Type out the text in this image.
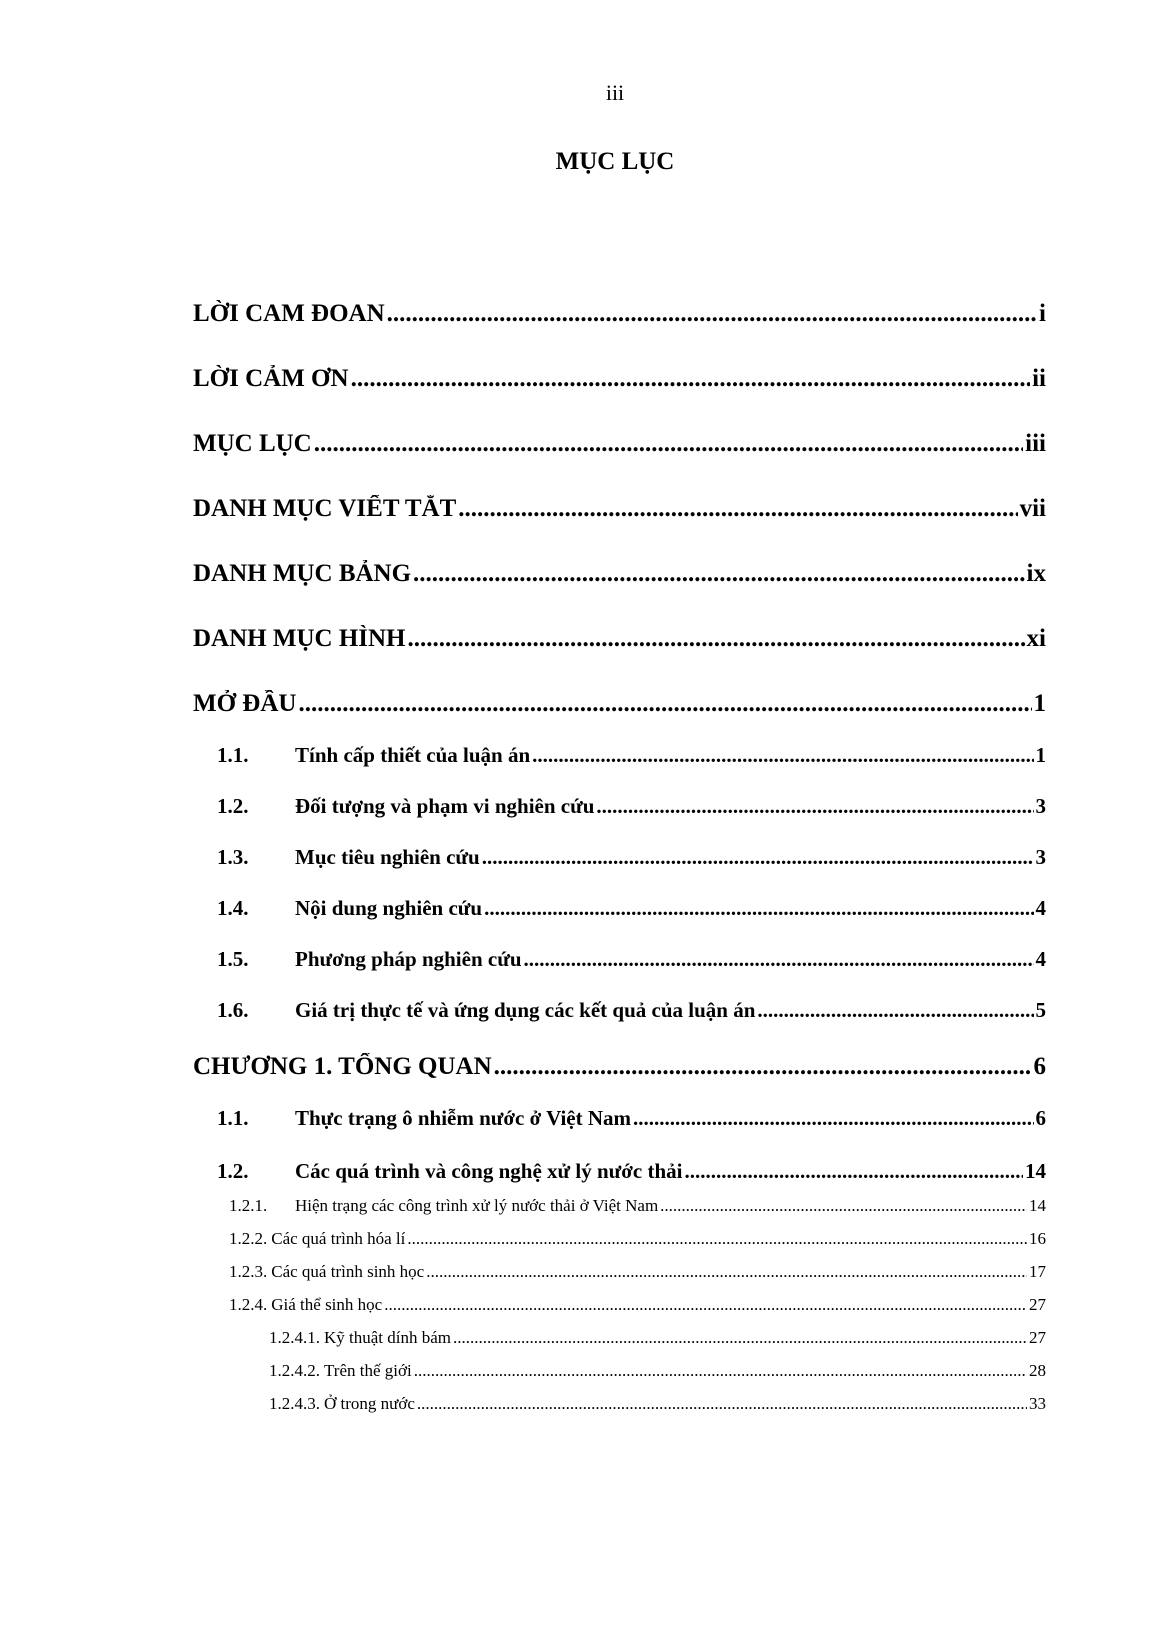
iii
MỤC LỤC
LỜI CAM ĐOAN .....	i
LỜI CẢM ƠN .....	ii
MỤC LỤC .....	iii
DANH MỤC VIẾT TẮT .....	vii
DANH MỤC BẢNG .....	ix
DANH MỤC HÌNH .....	xi
MỞ ĐẦU .....	1
1.1.	Tính cấp thiết của luận án .....	1
1.2.	Đối tượng và phạm vi nghiên cứu .....	3
1.3.	Mục tiêu nghiên cứu .....	3
1.4.	Nội dung nghiên cứu .....	4
1.5.	Phương pháp nghiên cứu .....	4
1.6.	Giá trị thực tế và ứng dụng các kết quả của luận án .....	5
CHƯƠNG 1. TỔNG QUAN .....	6
1.1.	Thực trạng ô nhiễm nước ở Việt Nam .....	6
1.2.	Các quá trình và công nghệ xử lý nước thải .....	14
1.2.1.	Hiện trạng các công trình xử lý nước thải ở Việt Nam .....	14
1.2.2. Các quá trình hóa lí .....	16
1.2.3. Các quá trình sinh học .....	17
1.2.4. Giá thể sinh học .....	27
1.2.4.1. Kỹ thuật dính bám .....	27
1.2.4.2. Trên thế giới .....	28
1.2.4.3. Ở trong nước .....	33
